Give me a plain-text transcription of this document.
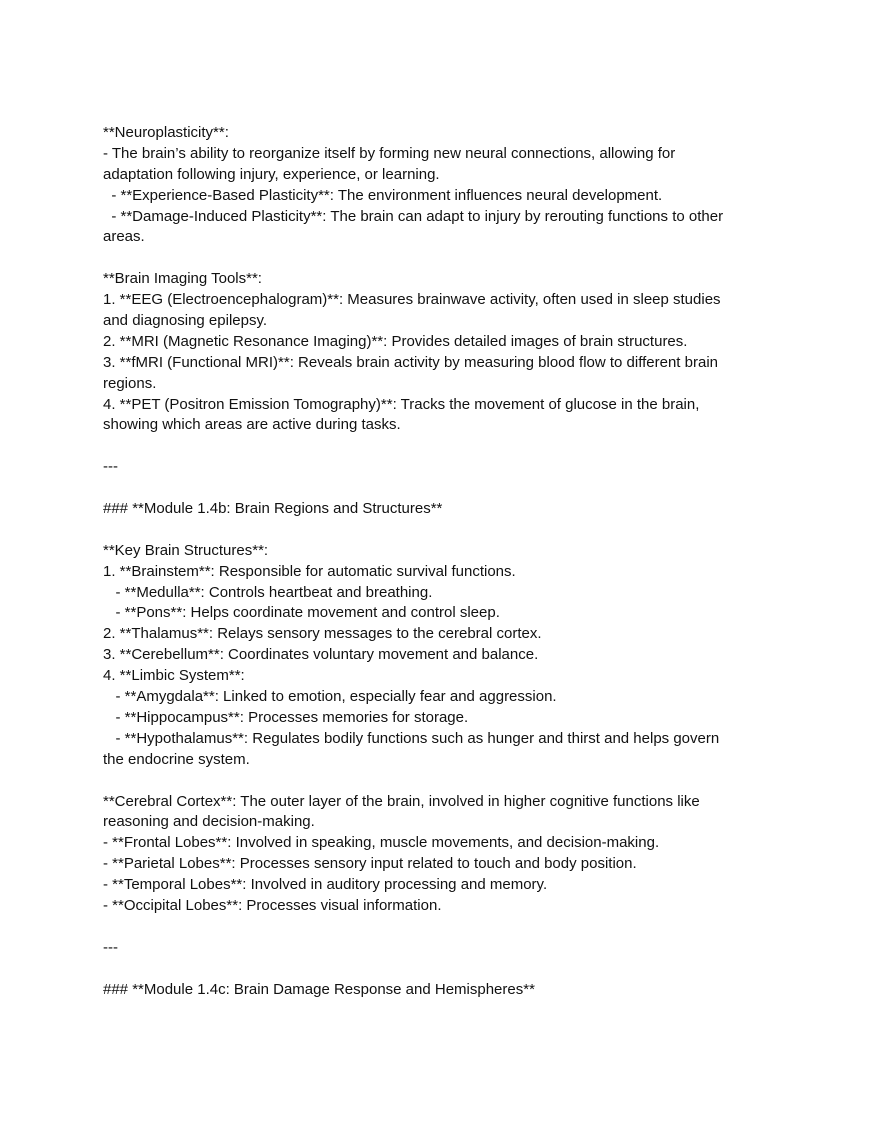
**Neuroplasticity**:
- The brain’s ability to reorganize itself by forming new neural connections, allowing for
adaptation following injury, experience, or learning.
- **Experience-Based Plasticity**: The environment influences neural development.
- **Damage-Induced Plasticity**: The brain can adapt to injury by rerouting functions to other
areas.
**Brain Imaging Tools**:
1. **EEG (Electroencephalogram)**: Measures brainwave activity, often used in sleep studies
and diagnosing epilepsy.
2. **MRI (Magnetic Resonance Imaging)**: Provides detailed images of brain structures.
3. **fMRI (Functional MRI)**: Reveals brain activity by measuring blood flow to different brain
regions.
4. **PET (Positron Emission Tomography)**: Tracks the movement of glucose in the brain,
showing which areas are active during tasks.
---
### **Module 1.4b: Brain Regions and Structures**
**Key Brain Structures**:
1. **Brainstem**: Responsible for automatic survival functions.
- **Medulla**: Controls heartbeat and breathing.
- **Pons**: Helps coordinate movement and control sleep.
2. **Thalamus**: Relays sensory messages to the cerebral cortex.
3. **Cerebellum**: Coordinates voluntary movement and balance.
4. **Limbic System**:
- **Amygdala**: Linked to emotion, especially fear and aggression.
- **Hippocampus**: Processes memories for storage.
- **Hypothalamus**: Regulates bodily functions such as hunger and thirst and helps govern
the endocrine system.
**Cerebral Cortex**: The outer layer of the brain, involved in higher cognitive functions like
reasoning and decision-making.
- **Frontal Lobes**: Involved in speaking, muscle movements, and decision-making.
- **Parietal Lobes**: Processes sensory input related to touch and body position.
- **Temporal Lobes**: Involved in auditory processing and memory.
- **Occipital Lobes**: Processes visual information.
---
### **Module 1.4c: Brain Damage Response and Hemispheres**
